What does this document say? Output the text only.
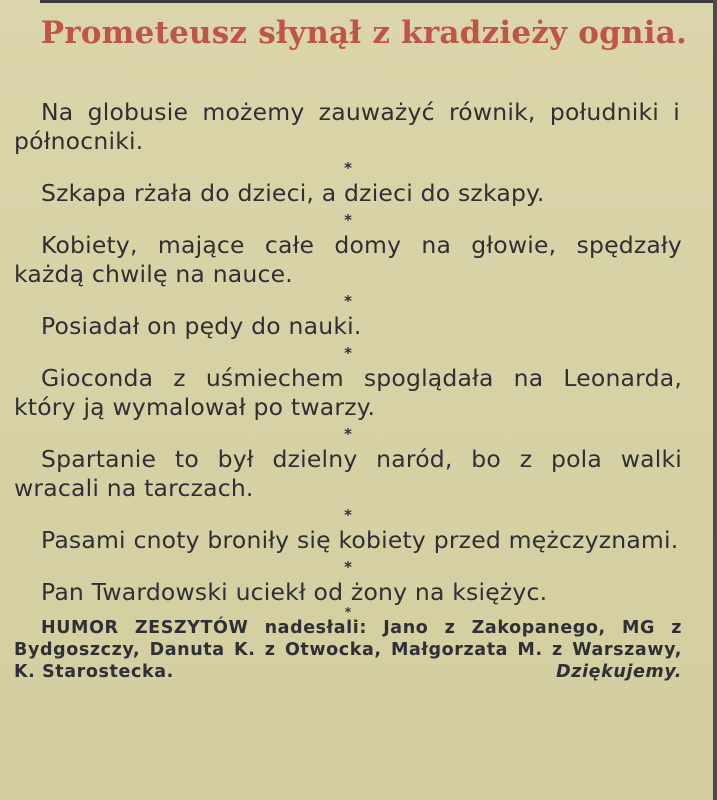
Prometeusz słynął z kradzieży ognia.

Na globusie możemy zauważyć równik, południki i północniki.

*

Szkapa rżała do dzieci, a dzieci do szkapy.

*

Kobiety, mające całe domy na głowie, spędzały każdą chwilę na nauce.

*

Posiadał on pędy do nauki.

*

Gioconda z uśmiechem spoglądała na Leonarda, który ją wymalował po twarzy.

*

Spartanie to był dzielny naród, bo z pola walki wracali na tarczach.

*

Pasami cnoty broniły się kobiety przed mężczyznami.

*

Pan Twardowski uciekł od żony na księżyc.

*

HUMOR ZESZYTÓW nadesłali: Jano z Zakopanego, MG z Bydgoszczy, Danuta K. z Otwocka, Małgorzata M. z Warszawy, K. Starostecka.	Dziękujemy.
